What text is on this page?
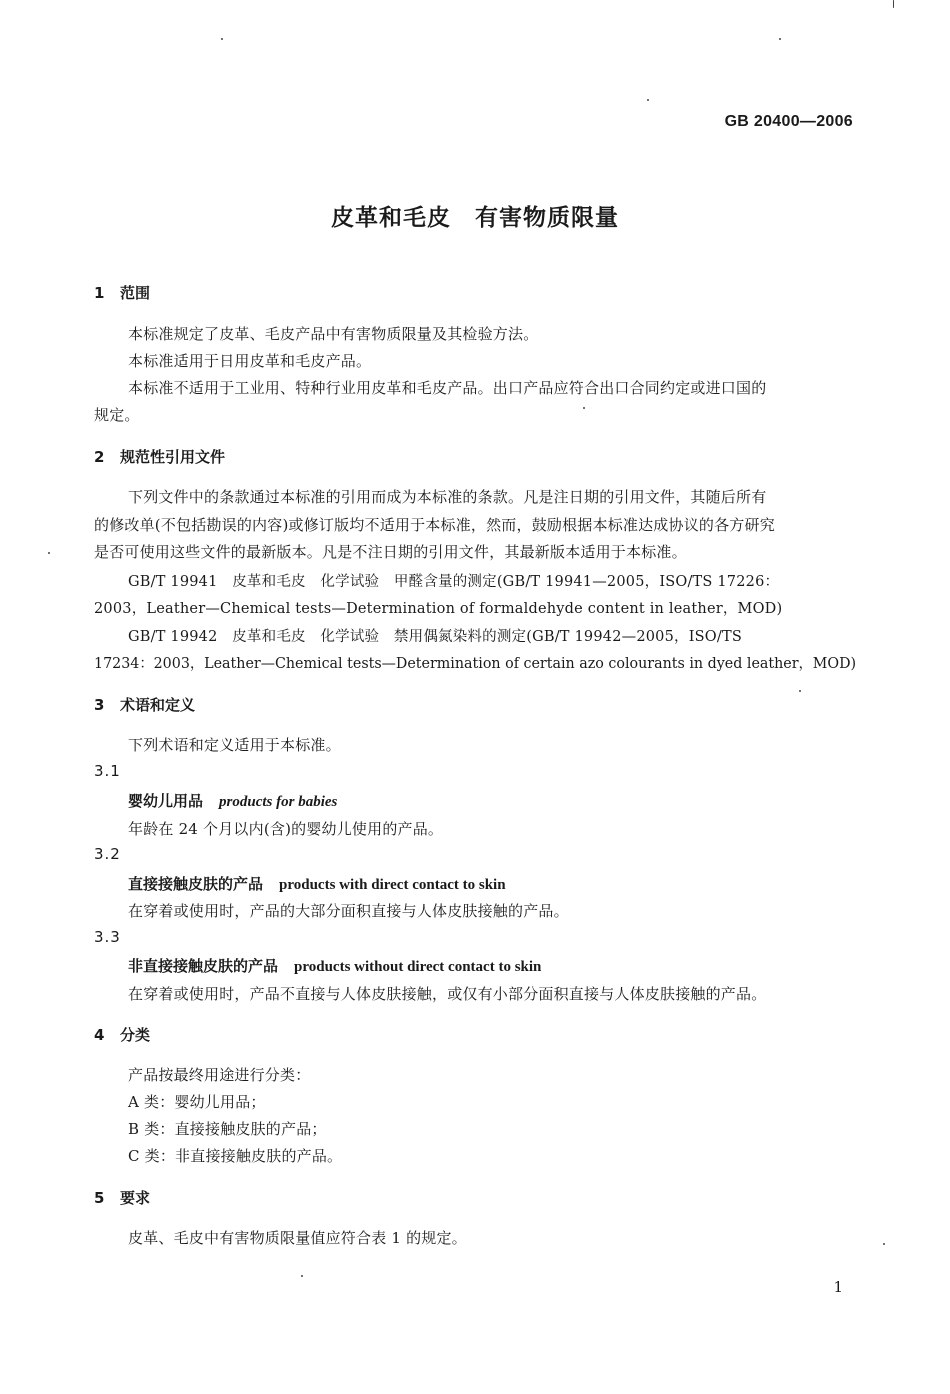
GB 20400—2006
皮革和毛皮　有害物质限量
1 范围
本标准规定了皮革、毛皮产品中有害物质限量及其检验方法。
本标准适用于日用皮革和毛皮产品。
本标准不适用于工业用、特种行业用皮革和毛皮产品。出口产品应符合出口合同约定或进口国的
规定。
2 规范性引用文件
下列文件中的条款通过本标准的引用而成为本标准的条款。凡是注日期的引用文件，其随后所有
的修改单(不包括勘误的内容)或修订版均不适用于本标准，然而，鼓励根据本标准达成协议的各方研究
是否可使用这些文件的最新版本。凡是不注日期的引用文件，其最新版本适用于本标准。
GB/T 19941　皮革和毛皮　化学试验　甲醛含量的测定(GB/T 19941—2005，ISO/TS 17226：
2003，Leather—Chemical tests—Determination of formaldehyde content in leather，MOD)
GB/T 19942　皮革和毛皮　化学试验　禁用偶氮染料的测定(GB/T 19942—2005，ISO/TS
17234：2003，Leather—Chemical tests—Determination of certain azo colourants in dyed leather，MOD)
3 术语和定义
下列术语和定义适用于本标准。
3.1
婴幼儿用品 products for babies
年龄在 24 个月以内(含)的婴幼儿使用的产品。
3.2
直接接触皮肤的产品 products with direct contact to skin
在穿着或使用时，产品的大部分面积直接与人体皮肤接触的产品。
3.3
非直接接触皮肤的产品 products without direct contact to skin
在穿着或使用时，产品不直接与人体皮肤接触，或仅有小部分面积直接与人体皮肤接触的产品。
4 分类
产品按最终用途进行分类：
A 类：婴幼儿用品；
B 类：直接接触皮肤的产品；
C 类：非直接接触皮肤的产品。
5 要求
皮革、毛皮中有害物质限量值应符合表 1 的规定。
1
